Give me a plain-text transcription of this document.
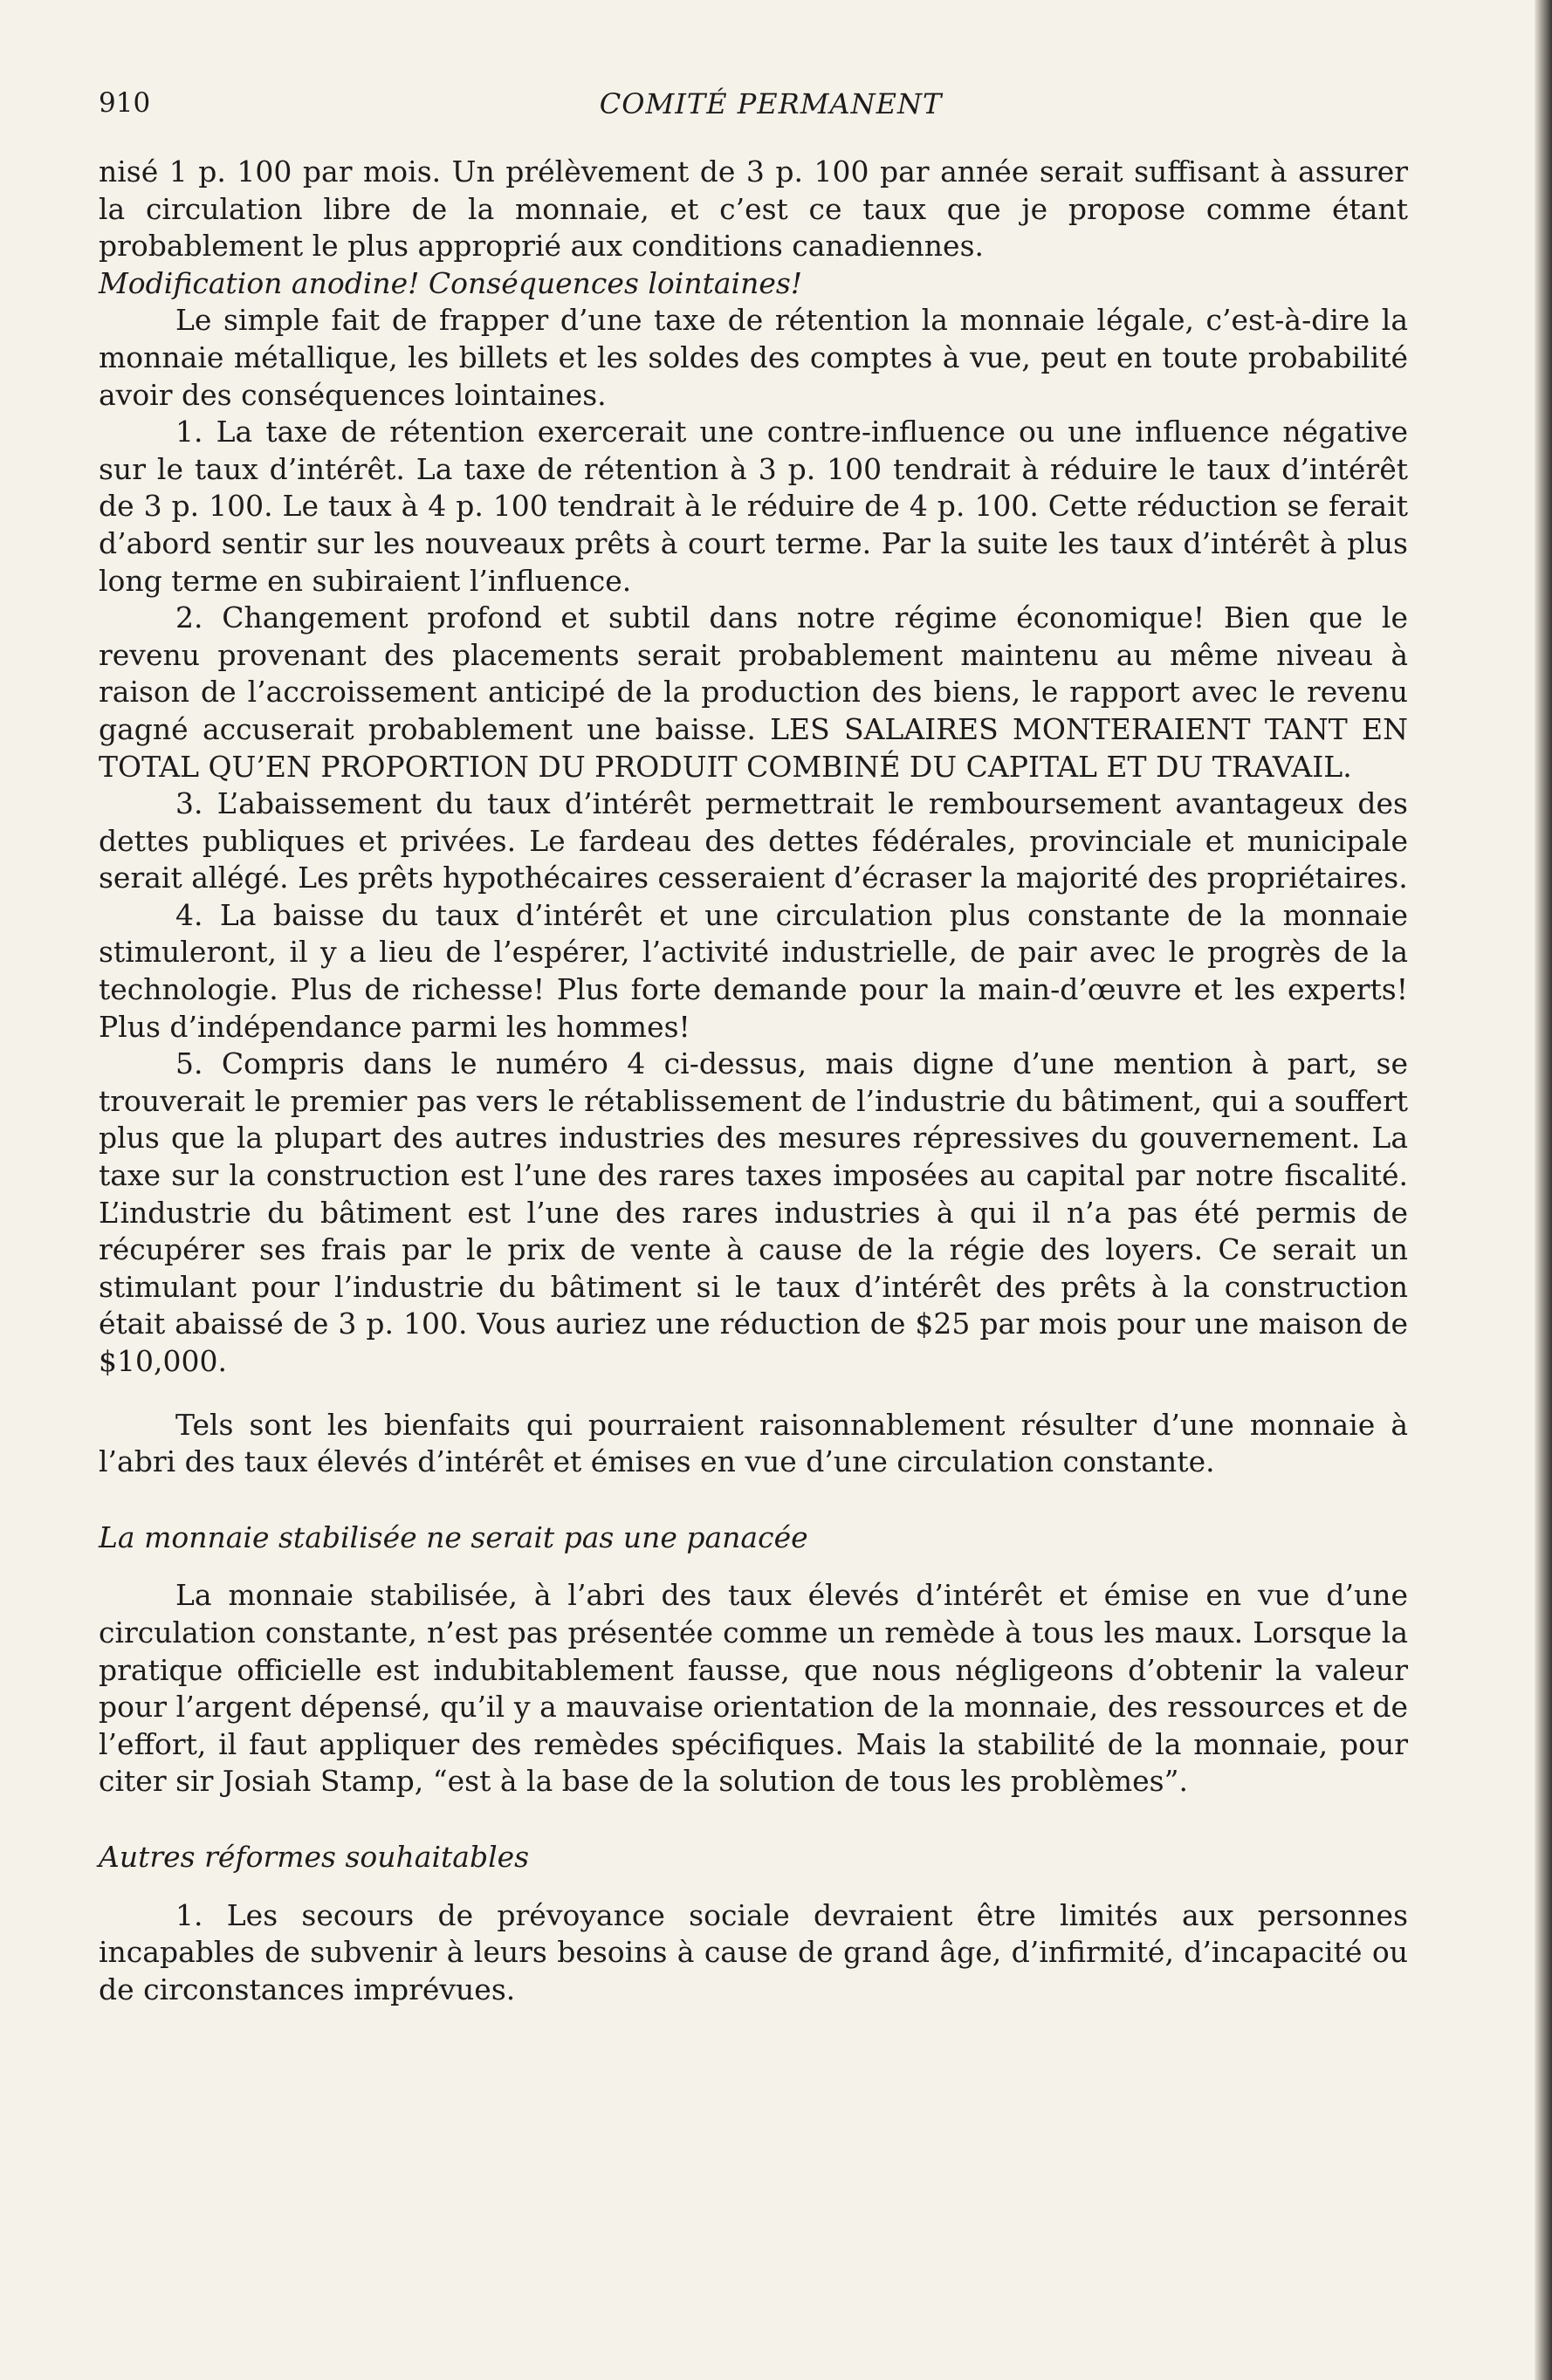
910	COMITÉ PERMANENT

nisé 1 p. 100 par mois. Un prélèvement de 3 p. 100 par année serait suffisant à assurer la circulation libre de la monnaie, et c’est ce taux que je propose comme étant probablement le plus approprié aux conditions canadiennes.

Modification anodine! Conséquences lointaines!

Le simple fait de frapper d’une taxe de rétention la monnaie légale, c’est-à-dire la monnaie métallique, les billets et les soldes des comptes à vue, peut en toute probabilité avoir des conséquences lointaines.

1. La taxe de rétention exercerait une contre-influence ou une influence négative sur le taux d’intérêt. La taxe de rétention à 3 p. 100 tendrait à réduire le taux d’intérêt de 3 p. 100. Le taux à 4 p. 100 tendrait à le réduire de 4 p. 100. Cette réduction se ferait d’abord sentir sur les nouveaux prêts à court terme. Par la suite les taux d’intérêt à plus long terme en subiraient l’influence.

2. Changement profond et subtil dans notre régime économique! Bien que le revenu provenant des placements serait probablement maintenu au même niveau à raison de l’accroissement anticipé de la production des biens, le rapport avec le revenu gagné accuserait probablement une baisse. LES SALAIRES MONTERAIENT TANT EN TOTAL QU’EN PROPORTION DU PRODUIT COMBINÉ DU CAPITAL ET DU TRAVAIL.

3. L’abaissement du taux d’intérêt permettrait le remboursement avantageux des dettes publiques et privées. Le fardeau des dettes fédérales, provinciale et municipale serait allégé. Les prêts hypothécaires cesseraient d’écraser la majorité des propriétaires.

4. La baisse du taux d’intérêt et une circulation plus constante de la monnaie stimuleront, il y a lieu de l’espérer, l’activité industrielle, de pair avec le progrès de la technologie. Plus de richesse! Plus forte demande pour la main-d’œuvre et les experts! Plus d’indépendance parmi les hommes!

5. Compris dans le numéro 4 ci-dessus, mais digne d’une mention à part, se trouverait le premier pas vers le rétablissement de l’industrie du bâtiment, qui a souffert plus que la plupart des autres industries des mesures répressives du gouvernement. La taxe sur la construction est l’une des rares taxes imposées au capital par notre fiscalité. L’industrie du bâtiment est l’une des rares industries à qui il n’a pas été permis de récupérer ses frais par le prix de vente à cause de la régie des loyers. Ce serait un stimulant pour l’industrie du bâtiment si le taux d’intérêt des prêts à la construction était abaissé de 3 p. 100. Vous auriez une réduction de $25 par mois pour une maison de $10,000.

Tels sont les bienfaits qui pourraient raisonnablement résulter d’une monnaie à l’abri des taux élevés d’intérêt et émises en vue d’une circulation constante.

La monnaie stabilisée ne serait pas une panacée

La monnaie stabilisée, à l’abri des taux élevés d’intérêt et émise en vue d’une circulation constante, n’est pas présentée comme un remède à tous les maux. Lorsque la pratique officielle est indubitablement fausse, que nous négligeons d’obtenir la valeur pour l’argent dépensé, qu’il y a mauvaise orientation de la monnaie, des ressources et de l’effort, il faut appliquer des remèdes spécifiques. Mais la stabilité de la monnaie, pour citer sir Josiah Stamp, “est à la base de la solution de tous les problèmes”.

Autres réformes souhaitables

1. Les secours de prévoyance sociale devraient être limités aux personnes incapables de subvenir à leurs besoins à cause de grand âge, d’infirmité, d’incapacité ou de circonstances imprévues.
